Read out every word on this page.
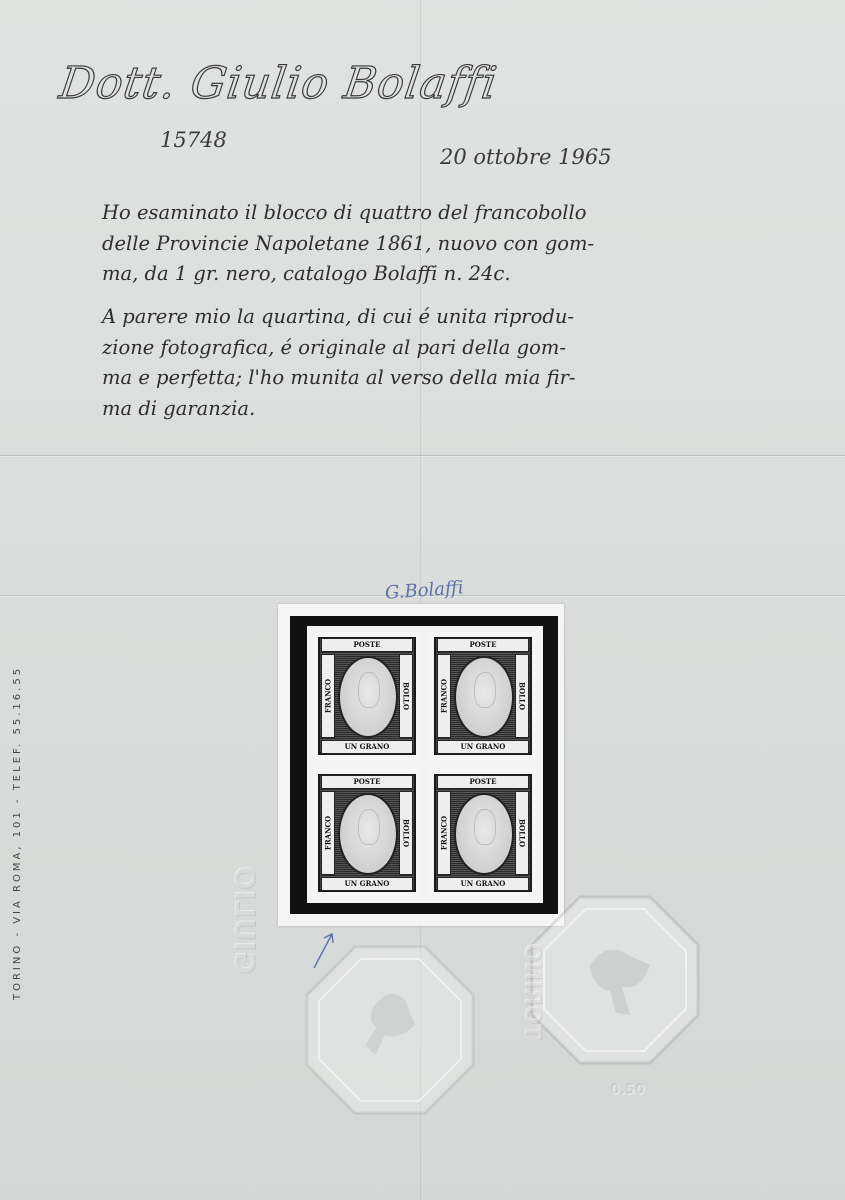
Dott. Giulio Bolaffi
15748
20 ottobre 1965
Ho esaminato il blocco di quattro del francobollo
delle Provincie Napoletane 1861, nuovo con gom-
ma, da 1 gr. nero, catalogo Bolaffi n. 24c.
A parere mio la quartina, di cui é unita riprodu-
zione fotografica, é originale al pari della gom-
ma e perfetta; l'ho munita al verso della mia fir-
ma di garanzia.
TORINO - VIA ROMA, 101 - TELEF. 55.16.55
G.Bolaffi
POSTE
UN GRANO
FRANCO	BOLLO
POSTE
UN GRANO
FRANCO	BOLLO
POSTE
UN GRANO
FRANCO	BOLLO
POSTE
UN GRANO
FRANCO	BOLLO
GIULIO
0.50
TORINO
